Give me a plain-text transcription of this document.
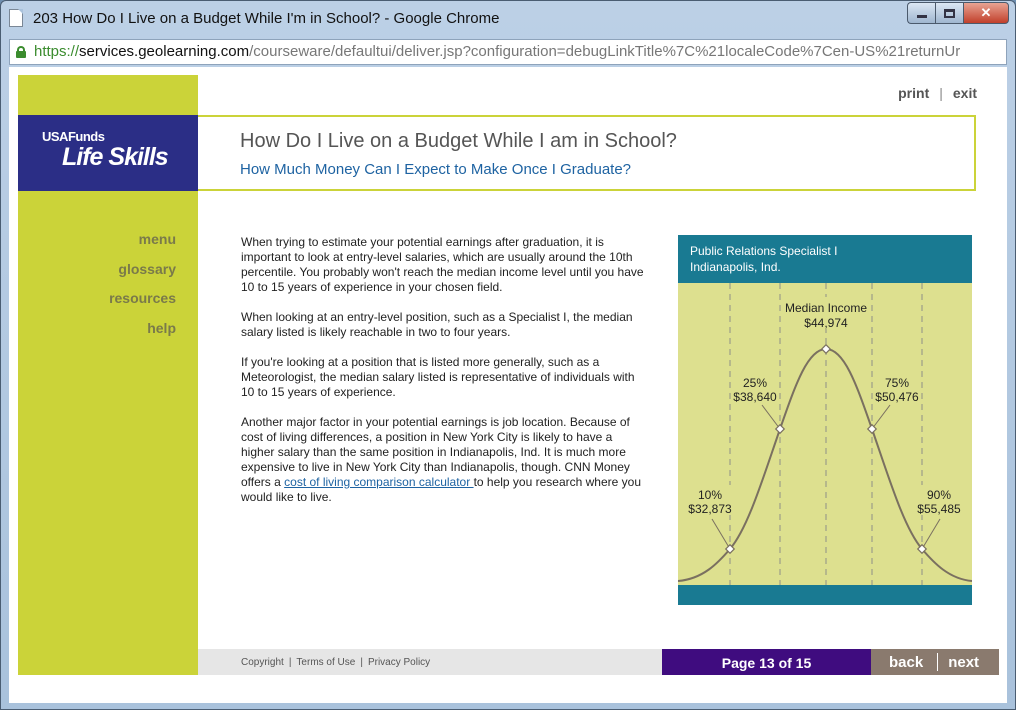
203 How Do I Live on a Budget While I'm in School? - Google Chrome	✕
https://services.geolearning.com/courseware/defaultui/deliver.jsp?configuration=debugLinkTitle%7C%21localeCode%7Cen-US%21returnUr
print | exit
USAFunds
Life Skills
How Do I Live on a Budget While I am in School?
How Much Money Can I Expect to Make Once I Graduate?
menu
glossary
resources
help

When trying to estimate your potential earnings after graduation, it is important to look at entry-level salaries, which are usually around the 10th percentile. You probably won't reach the median income level until you have 10 to 15 years of experience in your chosen field.

When looking at an entry-level position, such as a Specialist I, the median salary listed is likely reachable in two to four years.

If you're looking at a position that is listed more generally, such as a Meteorologist, the median salary listed is representative of individuals with 10 to 15 years of experience.

Another major factor in your potential earnings is job location. Because of cost of living differences, a position in New York City is likely to have a higher salary than the same position in Indianapolis, Ind. It is much more expensive to live in New York City than Indianapolis, though. CNN Money offers a cost of living comparison calculator to help you research where you would like to live.

Public Relations Specialist I
Indianapolis, Ind.
Median Income
$44,974
25%
$38,640
75%
$50,476
10%
$32,873
90%
$55,485
Copyright | Terms of Use | Privacy Policy	Page 13 of 15	back next
